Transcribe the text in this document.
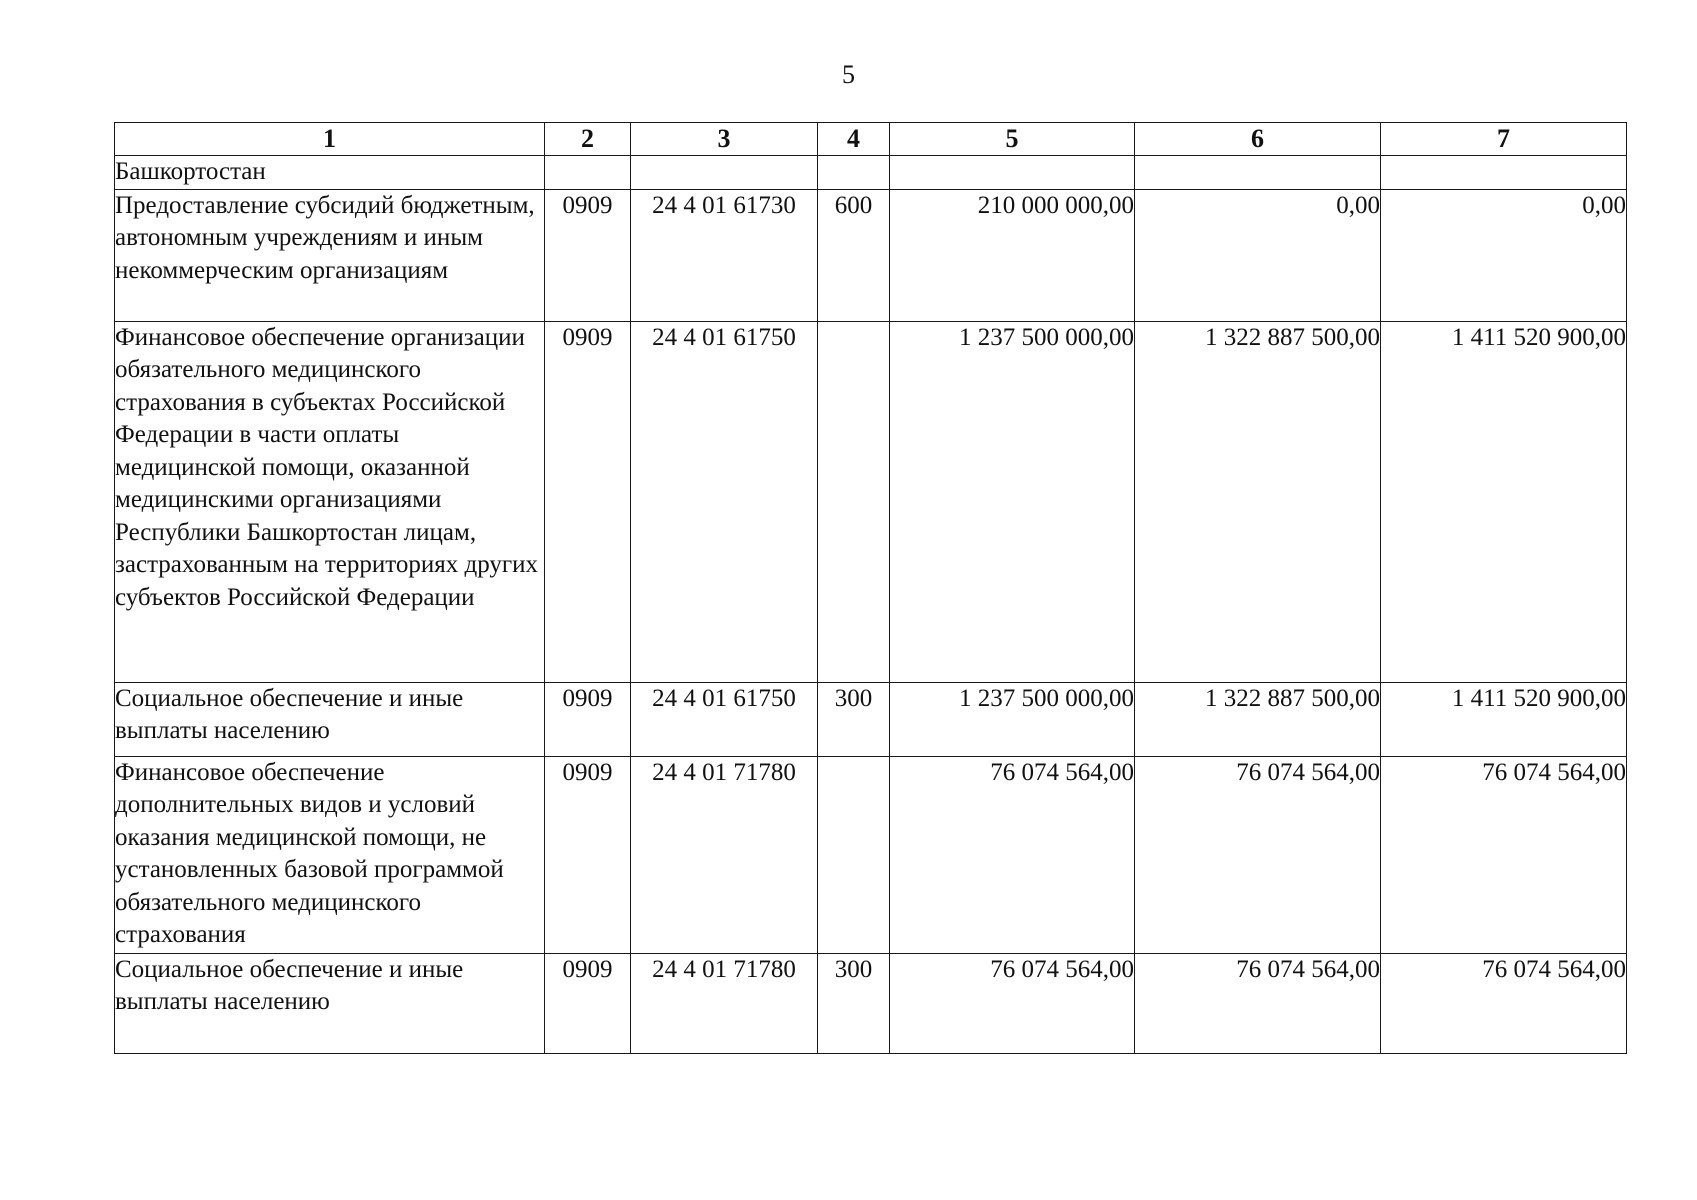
5
1	2	3	4	5	6	7
Башкортостан						
Предоставление субсидий бюджетным, автономным учреждениям и иным некоммерческим организациям	0909	24 4 01 61730	600	210 000 000,00	0,00	0,00
Финансовое обеспечение организации обязательного медицинского страхования в субъектах Российской Федерации в части оплаты медицинской помощи, оказанной медицинскими организациями Республики Башкортостан лицам, застрахованным на территориях других субъектов Российской Федерации	0909	24 4 01 61750		1 237 500 000,00	1 322 887 500,00	1 411 520 900,00
Социальное обеспечение и иные выплаты населению	0909	24 4 01 61750	300	1 237 500 000,00	1 322 887 500,00	1 411 520 900,00
Финансовое обеспечение дополнительных видов и условий оказания медицинской помощи, не установленных базовой программой обязательного медицинского страхования	0909	24 4 01 71780		76 074 564,00	76 074 564,00	76 074 564,00
Социальное обеспечение и иные выплаты населению	0909	24 4 01 71780	300	76 074 564,00	76 074 564,00	76 074 564,00
